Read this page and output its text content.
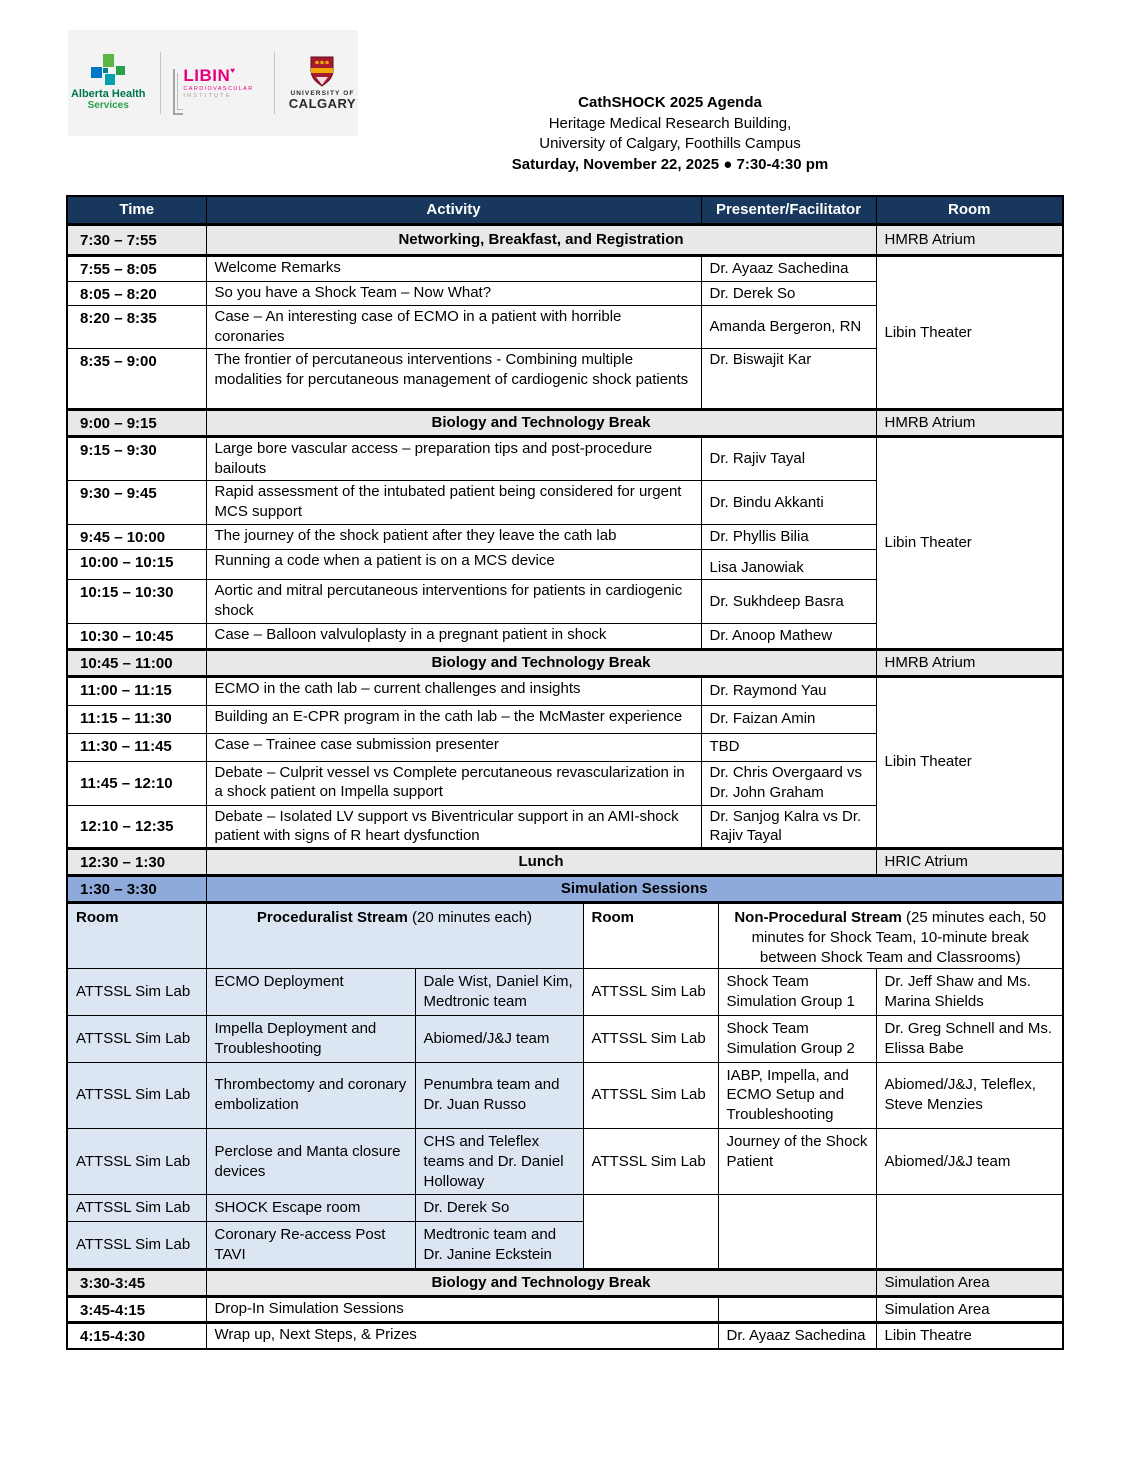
Alberta Health
Services
LIBIN♥
CARDIOVASCULAR
INSTITUTE	UNIVERSITY OF
CALGARY	CathSHOCK 2025 Agenda
Heritage Medical Research Building,
University of Calgary, Foothills Campus
Saturday, November 22, 2025 ● 7:30-4:30 pm
Time	Activity			Presenter/Facilitator		Room
7:30 – 7:55	Networking, Breakfast, and Registration					HMRB Atrium
7:55 – 8:05	Welcome Remarks			Dr. Ayaaz Sachedina		Libin Theater
8:05 – 8:20	So you have a Shock Team – Now What?			Dr. Derek So		
8:20 – 8:35	Case – An interesting case of ECMO in a patient with horrible coronaries			Amanda Bergeron, RN		
8:35 – 9:00	The frontier of percutaneous interventions - Combining multiple modalities for percutaneous management of cardiogenic shock patients			Dr. Biswajit Kar		
9:00 – 9:15	Biology and Technology Break					HMRB Atrium
9:15 – 9:30	Large bore vascular access – preparation tips and post-procedure bailouts			Dr. Rajiv Tayal		Libin Theater
9:30 – 9:45	Rapid assessment of the intubated patient being considered for urgent MCS support			Dr. Bindu Akkanti		
9:45 – 10:00	The journey of the shock patient after they leave the cath lab			Dr. Phyllis Bilia		
10:00 – 10:15	Running a code when a patient is on a MCS device			Lisa Janowiak		
10:15 – 10:30	Aortic and mitral percutaneous interventions for patients in cardiogenic shock			Dr. Sukhdeep Basra		
10:30 – 10:45	Case – Balloon valvuloplasty in a pregnant patient in shock			Dr. Anoop Mathew		
10:45 – 11:00	Biology and Technology Break					HMRB Atrium
11:00 – 11:15	ECMO in the cath lab – current challenges and insights			Dr. Raymond Yau		Libin Theater
11:15 – 11:30	Building an E-CPR program in the cath lab – the McMaster experience			Dr. Faizan Amin		
11:30 – 11:45	Case – Trainee case submission presenter			TBD		
11:45 – 12:10	Debate – Culprit vessel vs Complete percutaneous revascularization in a shock patient on Impella support			Dr. Chris Overgaard vs Dr. John Graham		
12:10 – 12:35	Debate – Isolated LV support vs Biventricular support in an AMI-shock patient with signs of R heart dysfunction			Dr. Sanjog Kalra vs Dr. Rajiv Tayal		
12:30 – 1:30	Lunch					HRIC Atrium
1:30 – 3:30	Simulation Sessions					
Room	Proceduralist Stream (20 minutes each)		Room		Non-Procedural Stream (25 minutes each, 50 minutes for Shock Team, 10-minute break between Shock Team and Classrooms)	
ATTSSL Sim Lab	ECMO Deployment	Dale Wist, Daniel Kim, Medtronic team	ATTSSL Sim Lab		Shock Team Simulation Group 1	Dr. Jeff Shaw and Ms. Marina Shields
ATTSSL Sim Lab	Impella Deployment and Troubleshooting	Abiomed/J&J team	ATTSSL Sim Lab		Shock Team Simulation Group 2	Dr. Greg Schnell and Ms. Elissa Babe
ATTSSL Sim Lab	Thrombectomy and coronary embolization	Penumbra team and Dr. Juan Russo	ATTSSL Sim Lab		IABP, Impella, and ECMO Setup and Troubleshooting	Abiomed/J&J, Teleflex, Steve Menzies
ATTSSL Sim Lab	Perclose and Manta closure devices	CHS and Teleflex teams and Dr. Daniel Holloway	ATTSSL Sim Lab		Journey of the Shock Patient	Abiomed/J&J team
ATTSSL Sim Lab	SHOCK Escape room	Dr. Derek So				
ATTSSL Sim Lab	Coronary Re-access Post TAVI	Medtronic team and Dr. Janine Eckstein				
3:30-3:45	Biology and Technology Break					Simulation Area
3:45-4:15	Drop-In Simulation Sessions					Simulation Area
4:15-4:30	Wrap up, Next Steps, & Prizes				Dr. Ayaaz Sachedina	Libin Theatre
